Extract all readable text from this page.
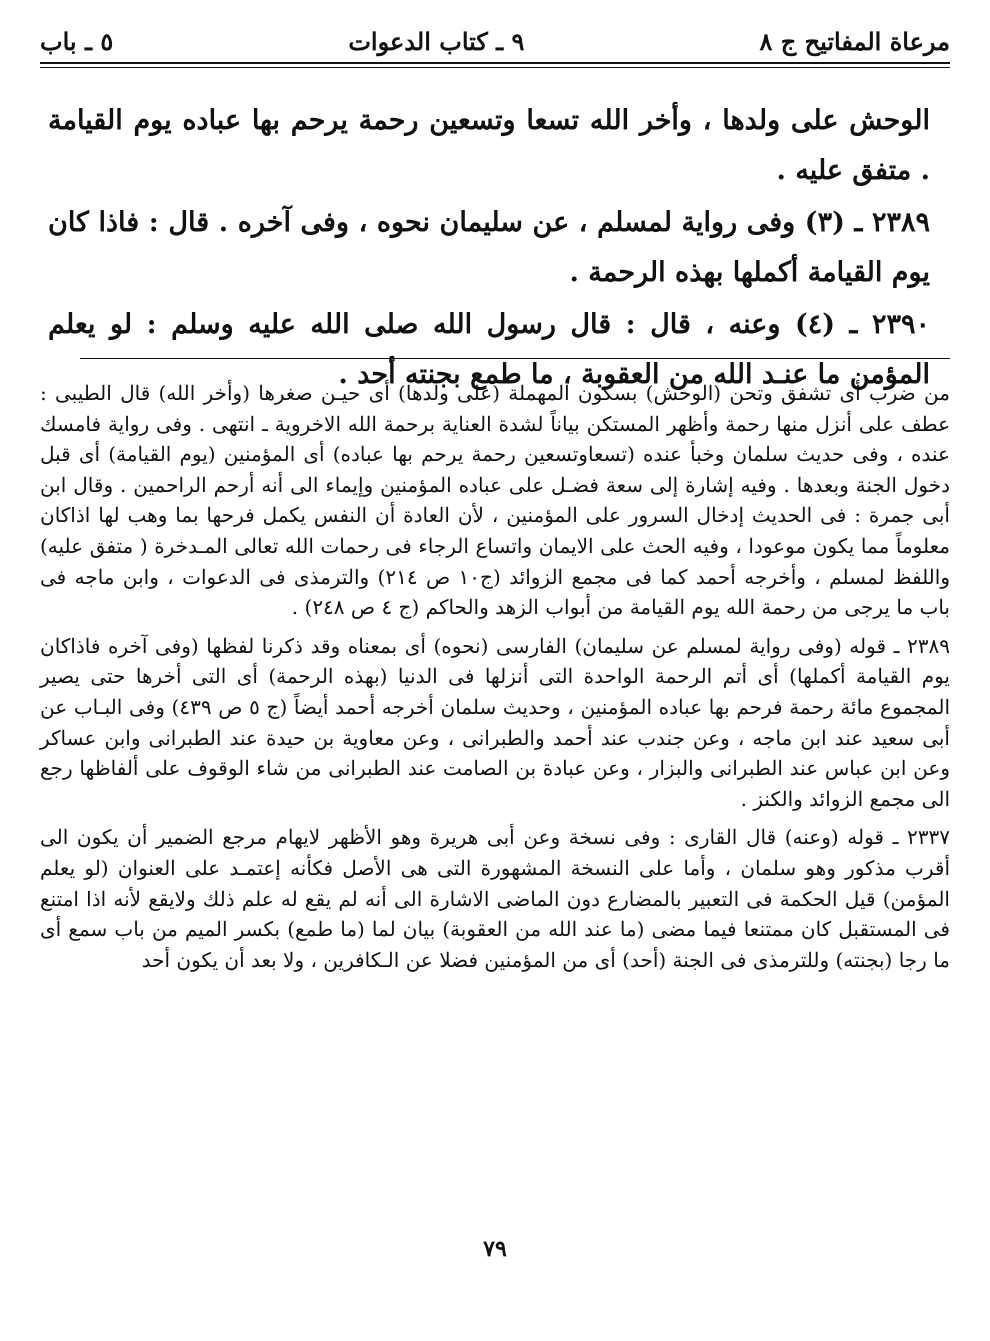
مرعاة المفاتيح ج ٨
٩ ـ كتاب الدعوات
٥ ـ باب

الوحش على ولدها ، وأخر الله تسعا وتسعين رحمة يرحم بها عباده يوم القيامة . متفق عليه .

٢٣٨٩ ـ (٣) وفى رواية لمسلم ، عن سليمان نحوه ، وفى آخره . قال : فاذا كان يوم القيامة أكملها بهذه الرحمة .

٢٣٩٠ ـ (٤) وعنه ، قال : قال رسول الله صلى الله عليه وسلم : لو يعلم المؤمن ما عنـد الله من العقوبة ، ما طمع بجنته أحد .

من ضرب أى تشفق وتحن (الوحش) بسكون المهملة (على ولدها) أى حيـن صغرها (وأخر الله) قال الطيبى : عطف على أنزل منها رحمة وأظهر المستكن بياناً لشدة العناية برحمة الله الاخروية ـ انتهى . وفى رواية فامسك عنده ، وفى حديث سلمان وخبأ عنده (تسعاوتسعين رحمة يرحم بها عباده) أى المؤمنين (يوم القيامة) أى قبل دخول الجنة وبعدها . وفيه إشارة إلى سعة فضـل على عباده المؤمنين وإيماء الى أنه أرحم الراحمين . وقال ابن أبى جمرة : فى الحديث إدخال السرور على المؤمنين ، لأن العادة أن النفس يكمل فرحها بما وهب لها اذاكان معلوماً مما يكون موعودا ، وفيه الحث على الايمان واتساع الرجاء فى رحمات الله تعالى المـدخرة ( متفق عليه) واللفظ لمسلم ، وأخرجه أحمد كما فى مجمع الزوائد (ج١٠ ص ٢١٤) والترمذى فى الدعوات ، وابن ماجه فى باب ما يرجى من رحمة الله يوم القيامة من أبواب الزهد والحاكم (ج ٤ ص ٢٤٨) .

٢٣٨٩ ـ قوله (وفى رواية لمسلم عن سليمان) الفارسى (نحوه) أى بمعناه وقد ذكرنا لفظها (وفى آخره فاذاكان يوم القيامة أكملها) أى أتم الرحمة الواحدة التى أنزلها فى الدنيا (بهذه الرحمة) أى التى أخرها حتى يصير المجموع مائة رحمة فرحم بها عباده المؤمنين ، وحديث سلمان أخرجه أحمد أيضاً (ج ٥ ص ٤٣٩) وفى البـاب عن أبى سعيد عند ابن ماجه ، وعن جندب عند أحمد والطبرانى ، وعن معاوية بن حيدة عند الطبرانى وابن عساكر وعن ابن عباس عند الطبرانى والبزار ، وعن عبادة بن الصامت عند الطبرانى من شاء الوقوف على ألفاظها رجع الى مجمع الزوائد والكنز .

٢٣٣٧ ـ قوله (وعنه) قال القارى : وفى نسخة وعن أبى هريرة وهو الأظهر لايهام مرجع الضمير أن يكون الى أقرب مذكور وهو سلمان ، وأما على النسخة المشهورة التى هى الأصل فكأنه إعتمـد على العنوان (لو يعلم المؤمن) قيل الحكمة فى التعبير بالمضارع دون الماضى الاشارة الى أنه لم يقع له علم ذلك ولايقع لأنه اذا امتنع فى المستقبل كان ممتنعا فيما مضى (ما عند الله من العقوبة) بيان لما (ما طمع) بكسر الميم من باب سمع أى ما رجا (بجنته) وللترمذى فى الجنة (أحد) أى من المؤمنين فضلا عن الـكافرين ، ولا بعد أن يكون أحد

٧٩
